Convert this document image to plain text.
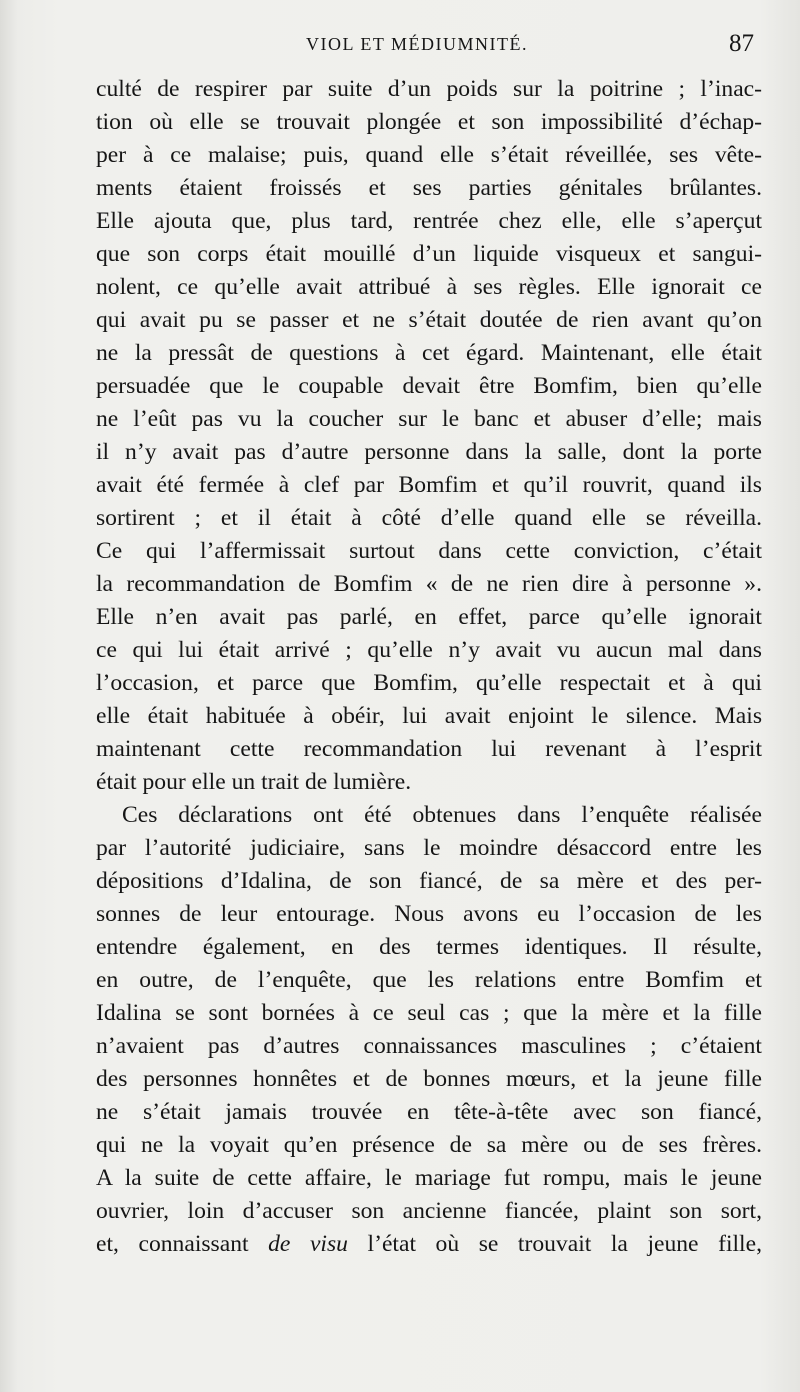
VIOL ET MÉDIUMNITÉ.	87
culté de respirer par suite d’un poids sur la poitrine ; l’inac-
tion où elle se trouvait plongée et son impossibilité d’échap-
per à ce malaise; puis, quand elle s’était réveillée, ses vête-
ments étaient froissés et ses parties génitales brûlantes.
Elle ajouta que, plus tard, rentrée chez elle, elle s’aperçut
que son corps était mouillé d’un liquide visqueux et sangui-
nolent, ce qu’elle avait attribué à ses règles. Elle ignorait ce
qui avait pu se passer et ne s’était doutée de rien avant qu’on
ne la pressât de questions à cet égard. Maintenant, elle était
persuadée que le coupable devait être Bomfim, bien qu’elle
ne l’eût pas vu la coucher sur le banc et abuser d’elle; mais
il n’y avait pas d’autre personne dans la salle, dont la porte
avait été fermée à clef par Bomfim et qu’il rouvrit, quand ils
sortirent ; et il était à côté d’elle quand elle se réveilla.
Ce qui l’affermissait surtout dans cette conviction, c’était
la recommandation de Bomfim « de ne rien dire à personne ».
Elle n’en avait pas parlé, en effet, parce qu’elle ignorait
ce qui lui était arrivé ; qu’elle n’y avait vu aucun mal dans
l’occasion, et parce que Bomfim, qu’elle respectait et à qui
elle était habituée à obéir, lui avait enjoint le silence. Mais
maintenant cette recommandation lui revenant à l’esprit
était pour elle un trait de lumière.
Ces déclarations ont été obtenues dans l’enquête réalisée
par l’autorité judiciaire, sans le moindre désaccord entre les
dépositions d’Idalina, de son fiancé, de sa mère et des per-
sonnes de leur entourage. Nous avons eu l’occasion de les
entendre également, en des termes identiques. Il résulte,
en outre, de l’enquête, que les relations entre Bomfim et
Idalina se sont bornées à ce seul cas ; que la mère et la fille
n’avaient pas d’autres connaissances masculines ; c’étaient
des personnes honnêtes et de bonnes mœurs, et la jeune fille
ne s’était jamais trouvée en tête-à-tête avec son fiancé,
qui ne la voyait qu’en présence de sa mère ou de ses frères.
A la suite de cette affaire, le mariage fut rompu, mais le jeune
ouvrier, loin d’accuser son ancienne fiancée, plaint son sort,
et, connaissant de visu l’état où se trouvait la jeune fille,
